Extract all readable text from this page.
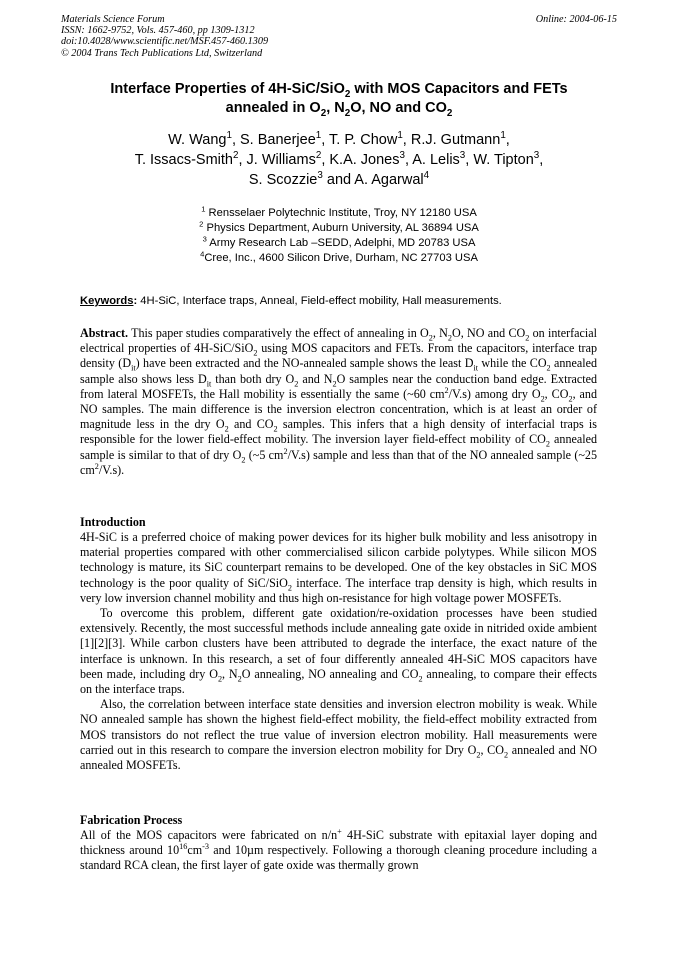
Materials Science Forum
ISSN: 1662-9752, Vols. 457-460, pp 1309-1312
doi:10.4028/www.scientific.net/MSF.457-460.1309
© 2004 Trans Tech Publications Ltd, Switzerland
Online: 2004-06-15
Interface Properties of 4H-SiC/SiO$_2$ with MOS Capacitors and FETs
annealed in $O_2$, $N_2O$, NO and $CO_2$
W. Wang$^1$, S. Banerjee$^1$, T. P. Chow$^1$, R.J. Gutmann$^1$,
T. Issacs-Smith$^2$, J. Williams$^2$, K.A. Jones$^3$, A. Lelis$^3$, W. Tipton$^3$,
S. Scozzie$^3$ and A. Agarwal$^4$
$^1$ Rensselaer Polytechnic Institute, Troy, NY 12180 USA
$^2$ Physics Department, Auburn University, AL 36894 USA
$^3$ Army Research Lab –SEDD, Adelphi, MD 20783 USA
$^4$Cree, Inc., 4600 Silicon Drive, Durham, NC 27703 USA
Keywords: 4H-SiC, Interface traps, Anneal, Field-effect mobility, Hall measurements.

Abstract. This paper studies comparatively the effect of annealing in $O_2$, $N_2O$, NO and $CO_2$ on interfacial electrical properties of 4H-SiC/SiO$_2$ using MOS capacitors and FETs. From the capacitors, interface trap density $(D_{it})$ have been extracted and the NO-annealed sample shows the least $D_{it}$ while the $CO_2$ annealed sample also shows less $D_{it}$ than both dry $O_2$ and $N_2O$ samples near the conduction band edge. Extracted from lateral MOSFETs, the Hall mobility is essentially the same (~60 $cm^2/V.s$) among dry $O_2$, $CO_2$, and NO samples. The main difference is the inversion electron concentration, which is at least an order of magnitude less in the dry $O_2$ and $CO_2$ samples. This infers that a high density of interfacial traps is responsible for the lower field-effect mobility. The inversion layer field-effect mobility of $CO_2$ annealed sample is similar to that of dry $O_2$ (~5 $cm^2/V.s$) sample and less than that of the NO annealed sample (~25 $cm^2/V.s$).

Introduction

4H-SiC is a preferred choice of making power devices for its higher bulk mobility and less anisotropy in material properties compared with other commercialised silicon carbide polytypes. While silicon MOS technology is mature, its SiC counterpart remains to be developed. One of the key obstacles in SiC MOS technology is the poor quality of SiC/SiO$_2$ interface. The interface trap density is high, which results in very low inversion channel mobility and thus high on-resistance for high voltage power MOSFETs.

To overcome this problem, different gate oxidation/re-oxidation processes have been studied extensively. Recently, the most successful methods include annealing gate oxide in nitrided oxide ambient [1][2][3]. While carbon clusters have been attributed to degrade the interface, the exact nature of the interface is unknown. In this research, a set of four differently annealed 4H-SiC MOS capacitors have been made, including dry $O_2$, $N_2O$ annealing, NO annealing and $CO_2$ annealing, to compare their effects on the interface traps.

Also, the correlation between interface state densities and inversion electron mobility is weak. While NO annealed sample has shown the highest field-effect mobility, the field-effect mobility extracted from MOS transistors do not reflect the true value of inversion electron mobility. Hall measurements were carried out in this research to compare the inversion electron mobility for Dry $O_2$, $CO_2$ annealed and NO annealed MOSFETs.

Fabrication Process

All of the MOS capacitors were fabricated on n/n+ 4H-SiC substrate with epitaxial layer doping and thickness around $10^{16}cm^{-3}$ and 10µm respectively. Following a thorough cleaning procedure including a standard RCA clean, the first layer of gate oxide was thermally grown
